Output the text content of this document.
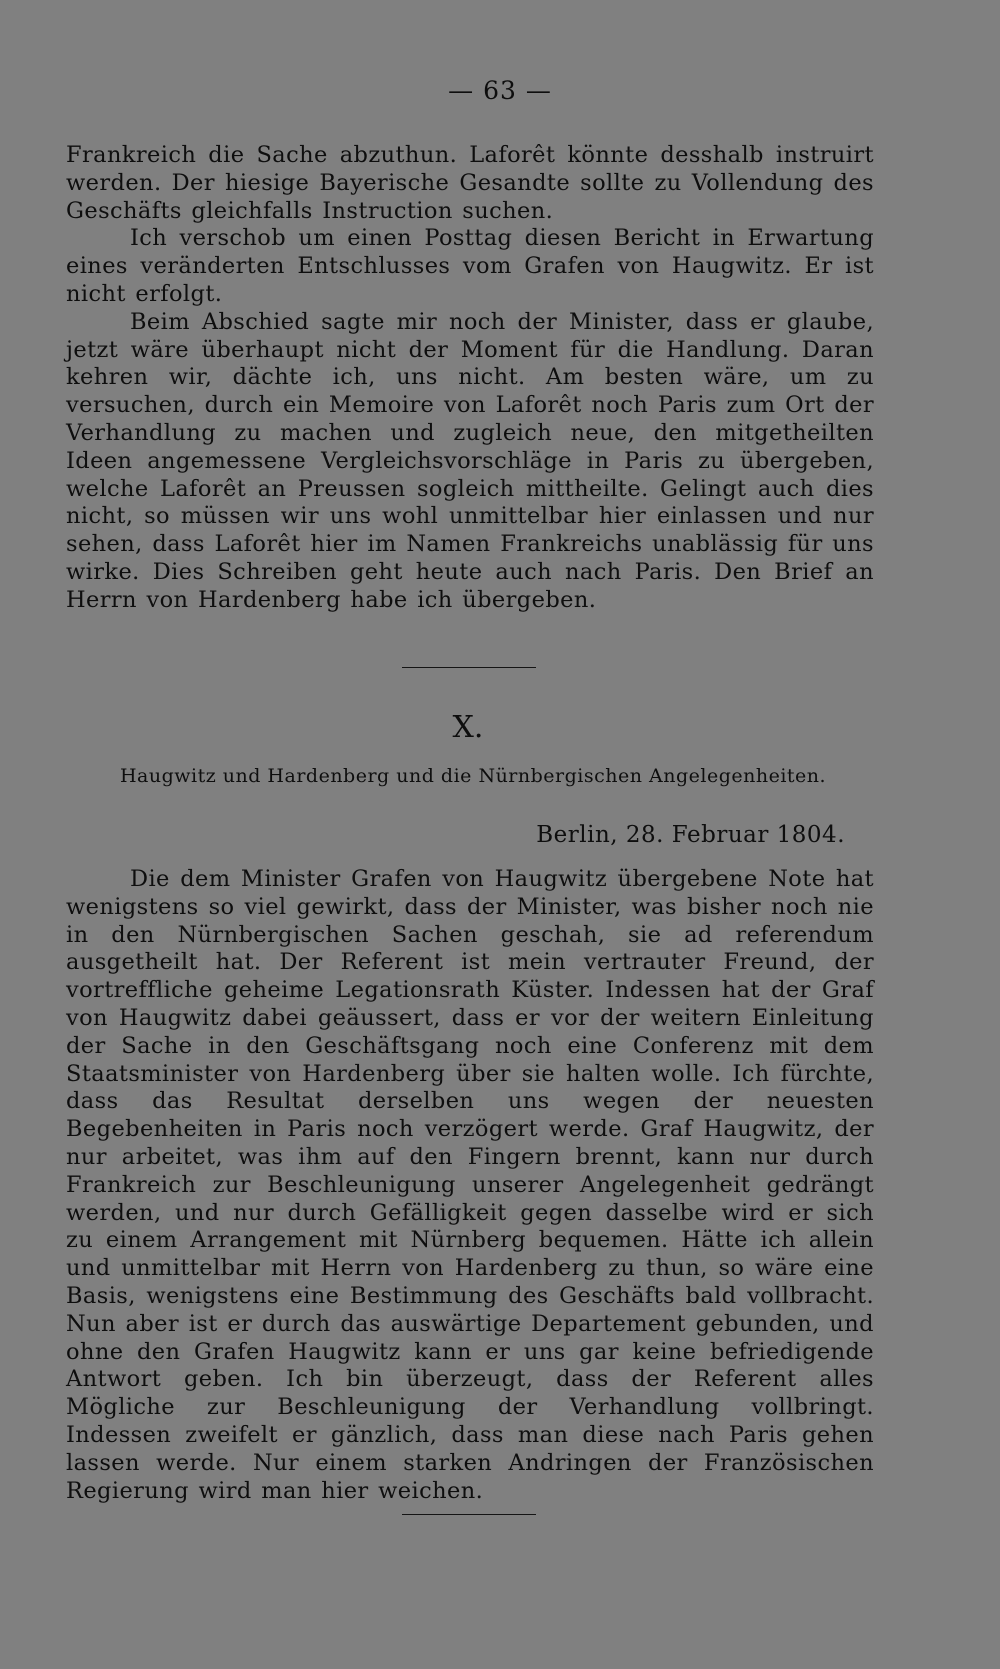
— 63 —

Frankreich die Sache abzuthun. Laforêt könnte desshalb instruirt werden. Der hiesige Bayerische Gesandte sollte zu Vollendung des Geschäfts gleichfalls Instruction suchen.

Ich verschob um einen Posttag diesen Bericht in Erwartung eines veränderten Entschlusses vom Grafen von Haugwitz. Er ist nicht erfolgt.

Beim Abschied sagte mir noch der Minister, dass er glaube, jetzt wäre überhaupt nicht der Moment für die Handlung. Daran kehren wir, dächte ich, uns nicht. Am besten wäre, um zu versuchen, durch ein Memoire von Laforêt noch Paris zum Ort der Verhandlung zu machen und zugleich neue, den mitgetheilten Ideen angemessene Vergleichsvorschläge in Paris zu übergeben, welche Laforêt an Preussen sogleich mittheilte. Gelingt auch dies nicht, so müssen wir uns wohl unmittelbar hier einlassen und nur sehen, dass Laforêt hier im Namen Frankreichs unablässig für uns wirke. Dies Schreiben geht heute auch nach Paris. Den Brief an Herrn von Hardenberg habe ich übergeben.

X.
Haugwitz und Hardenberg und die Nürnbergischen Angelegenheiten.
Berlin, 28. Februar 1804.

Die dem Minister Grafen von Haugwitz übergebene Note hat wenigstens so viel gewirkt, dass der Minister, was bisher noch nie in den Nürnbergischen Sachen geschah, sie ad referendum ausgetheilt hat. Der Referent ist mein vertrauter Freund, der vortreffliche geheime Legationsrath Küster. Indessen hat der Graf von Haugwitz dabei geäussert, dass er vor der weitern Einleitung der Sache in den Geschäftsgang noch eine Conferenz mit dem Staatsminister von Hardenberg über sie halten wolle. Ich fürchte, dass das Resultat derselben uns wegen der neuesten Begebenheiten in Paris noch verzögert werde. Graf Haugwitz, der nur arbeitet, was ihm auf den Fingern brennt, kann nur durch Frankreich zur Beschleunigung unserer Angelegenheit gedrängt werden, und nur durch Gefälligkeit gegen dasselbe wird er sich zu einem Arrangement mit Nürnberg bequemen. Hätte ich allein und unmittelbar mit Herrn von Hardenberg zu thun, so wäre eine Basis, wenigstens eine Bestimmung des Geschäfts bald vollbracht. Nun aber ist er durch das auswärtige Departement gebunden, und ohne den Grafen Haugwitz kann er uns gar keine befriedigende Antwort geben. Ich bin überzeugt, dass der Referent alles Mögliche zur Beschleunigung der Verhandlung vollbringt. Indessen zweifelt er gänzlich, dass man diese nach Paris gehen lassen werde. Nur einem starken Andringen der Französischen Regierung wird man hier weichen.
